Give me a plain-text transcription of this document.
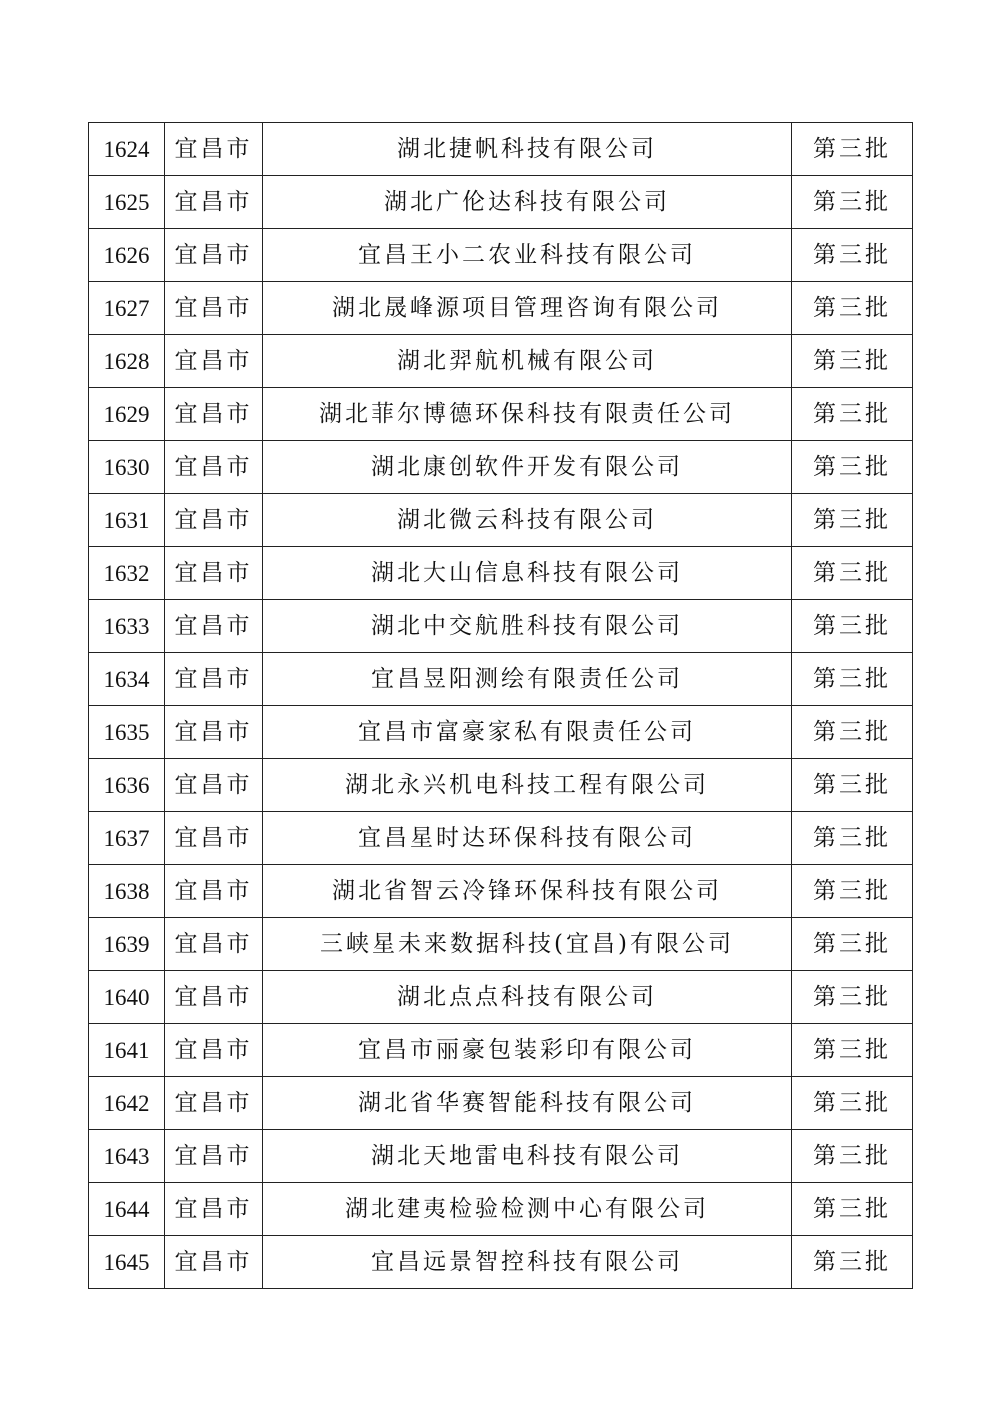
1624	宜昌市	湖北捷帆科技有限公司	第三批
1625	宜昌市	湖北广伦达科技有限公司	第三批
1626	宜昌市	宜昌王小二农业科技有限公司	第三批
1627	宜昌市	湖北晟峰源项目管理咨询有限公司	第三批
1628	宜昌市	湖北羿航机械有限公司	第三批
1629	宜昌市	湖北菲尔博德环保科技有限责任公司	第三批
1630	宜昌市	湖北康创软件开发有限公司	第三批
1631	宜昌市	湖北微云科技有限公司	第三批
1632	宜昌市	湖北大山信息科技有限公司	第三批
1633	宜昌市	湖北中交航胜科技有限公司	第三批
1634	宜昌市	宜昌昱阳测绘有限责任公司	第三批
1635	宜昌市	宜昌市富豪家私有限责任公司	第三批
1636	宜昌市	湖北永兴机电科技工程有限公司	第三批
1637	宜昌市	宜昌星时达环保科技有限公司	第三批
1638	宜昌市	湖北省智云冷锋环保科技有限公司	第三批
1639	宜昌市	三峡星未来数据科技(宜昌)有限公司	第三批
1640	宜昌市	湖北点点科技有限公司	第三批
1641	宜昌市	宜昌市丽豪包装彩印有限公司	第三批
1642	宜昌市	湖北省华赛智能科技有限公司	第三批
1643	宜昌市	湖北天地雷电科技有限公司	第三批
1644	宜昌市	湖北建夷检验检测中心有限公司	第三批
1645	宜昌市	宜昌远景智控科技有限公司	第三批
